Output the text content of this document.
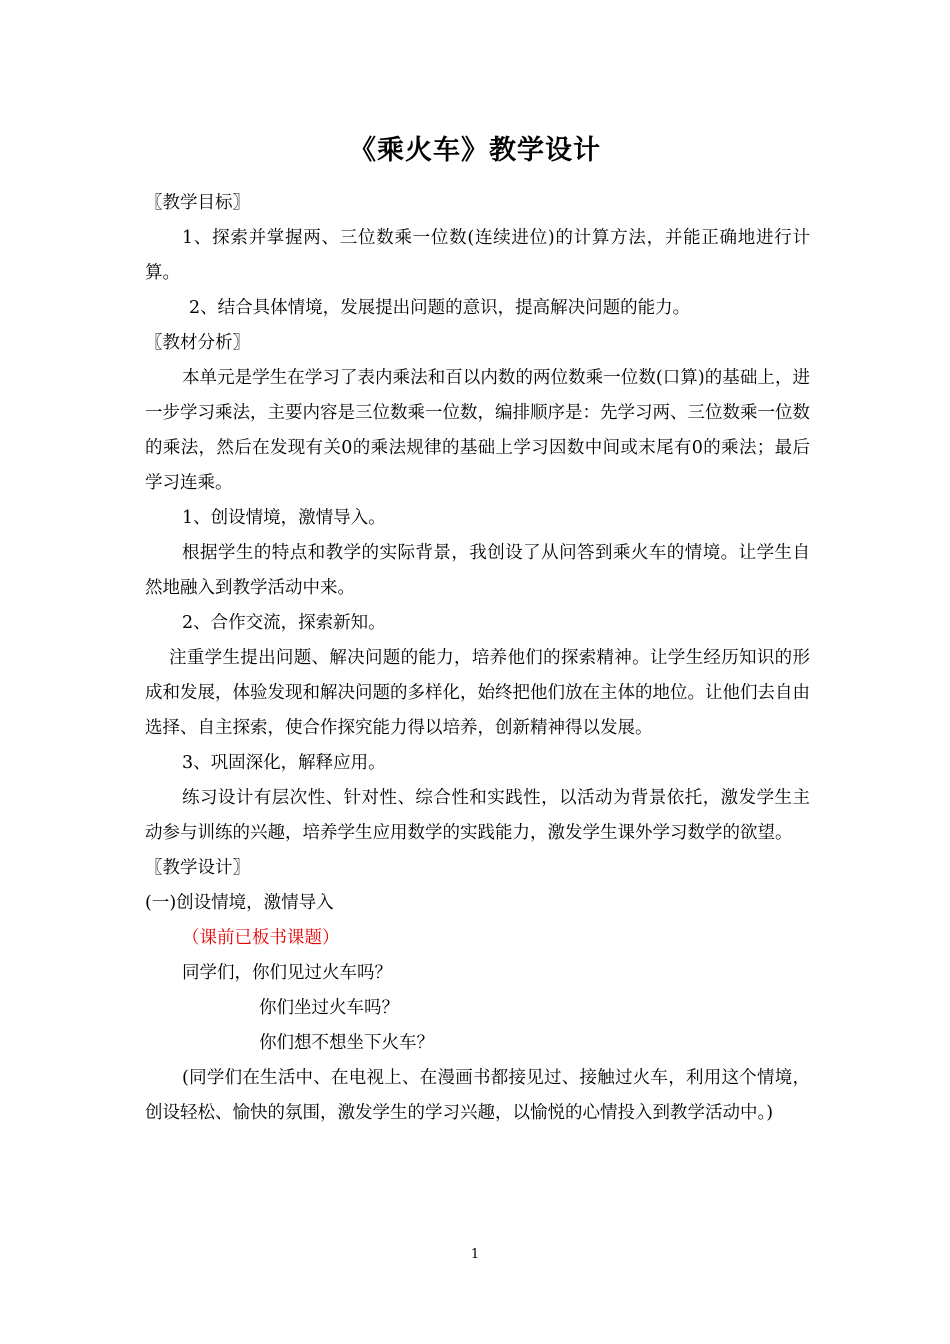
《乘火车》教学设计

〖教学目标〗

1、探索并掌握两、三位数乘一位数(连续进位)的计算方法，并能正确地进行计算。

2、结合具体情境，发展提出问题的意识，提高解决问题的能力。

〖教材分析〗

本单元是学生在学习了表内乘法和百以内数的两位数乘一位数(口算)的基础上，进一步学习乘法，主要内容是三位数乘一位数，编排顺序是：先学习两、三位数乘一位数的乘法，然后在发现有关0的乘法规律的基础上学习因数中间或末尾有0的乘法；最后学习连乘。

1、创设情境，激情导入。

根据学生的特点和教学的实际背景，我创设了从问答到乘火车的情境。让学生自然地融入到教学活动中来。

2、合作交流，探索新知。

注重学生提出问题、解决问题的能力，培养他们的探索精神。让学生经历知识的形成和发展，体验发现和解决问题的多样化，始终把他们放在主体的地位。让他们去自由选择、自主探索，使合作探究能力得以培养，创新精神得以发展。

3、巩固深化，解释应用。

练习设计有层次性、针对性、综合性和实践性，以活动为背景依托，激发学生主动参与训练的兴趣，培养学生应用数学的实践能力，激发学生课外学习数学的欲望。

〖教学设计〗

(一)创设情境，激情导入

（课前已板书课题）

同学们，你们见过火车吗？

你们坐过火车吗？

你们想不想坐下火车？

(同学们在生活中、在电视上、在漫画书都接见过、接触过火车，利用这个情境，创设轻松、愉快的氛围，激发学生的学习兴趣，以愉悦的心情投入到教学活动中。)

1
